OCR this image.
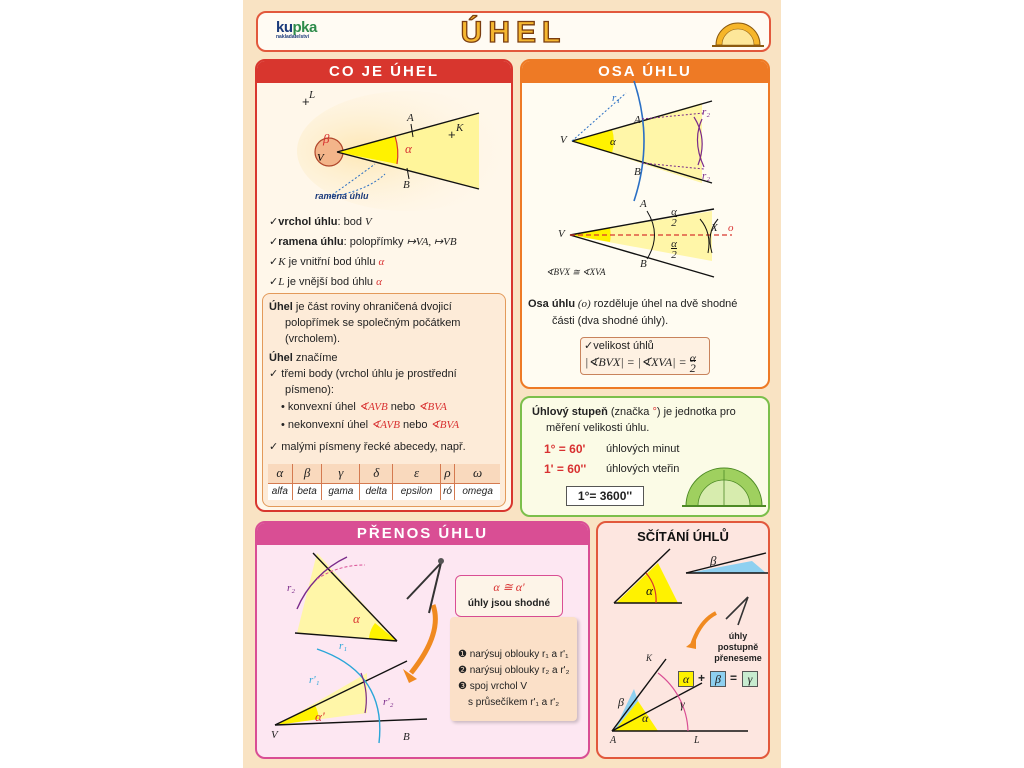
kupka
nakladatelství	ÚHEL
CO JE ÚHEL
V
L
+
K
+
A
B
β
α
ramena úhlu
✓vrchol úhlu: bod V
✓ramena úhlu: polopřímky ↦VA, ↦VB
✓K je vnitřní bod úhlu α
✓L je vnější bod úhlu α
Úhel je část roviny ohraničená dvojicí
polopřímek se společným počátkem
(vrcholem).
Úhel značíme
✓ třemi body (vrchol úhlu je prostřední
písmeno):
• konvexní úhel ∢AVB nebo ∢BVA
• nekonvexní úhel ∢AVB nebo ∢BVA
✓ malými písmeny řecké abecedy, např.
α	β	γ	δ	ε	ρ	ω
alfa	beta	gama	delta	epsilon	ró	omega
OSA ÚHLU
r₁
r₂
r₂
A
B
V	α
V
A
B
X o
α
2
α
2
∢BVX ≅ ∢XVA
Osa úhlu (o) rozděluje úhel na dvě shodné
části (dva shodné úhly).
✓velikost úhlů
|∢BVX| = |∢XVA| = α
2
Úhlový stupeň (značka °) je jednotka pro
měření velikosti úhlu.
1° = 60' úhlových minut
1' = 60'' úhlových vteřin
1°= 3600''
PŘENOS ÚHLU
r₂
α
r₁
r'₁
r'₂
α'
V	B
α ≅ α'
úhly jsou shodné
❶ narýsuj oblouky r₁ a r'₁
❷ narýsuj oblouky r₂ a r'₂
❸ spoj vrchol V
s průsečíkem r'₁ a r'₂
SČÍTÁNÍ ÚHLŮ
α
β
úhly postupně
přeneseme
α + β = γ
K
β
α
γ
A	L
